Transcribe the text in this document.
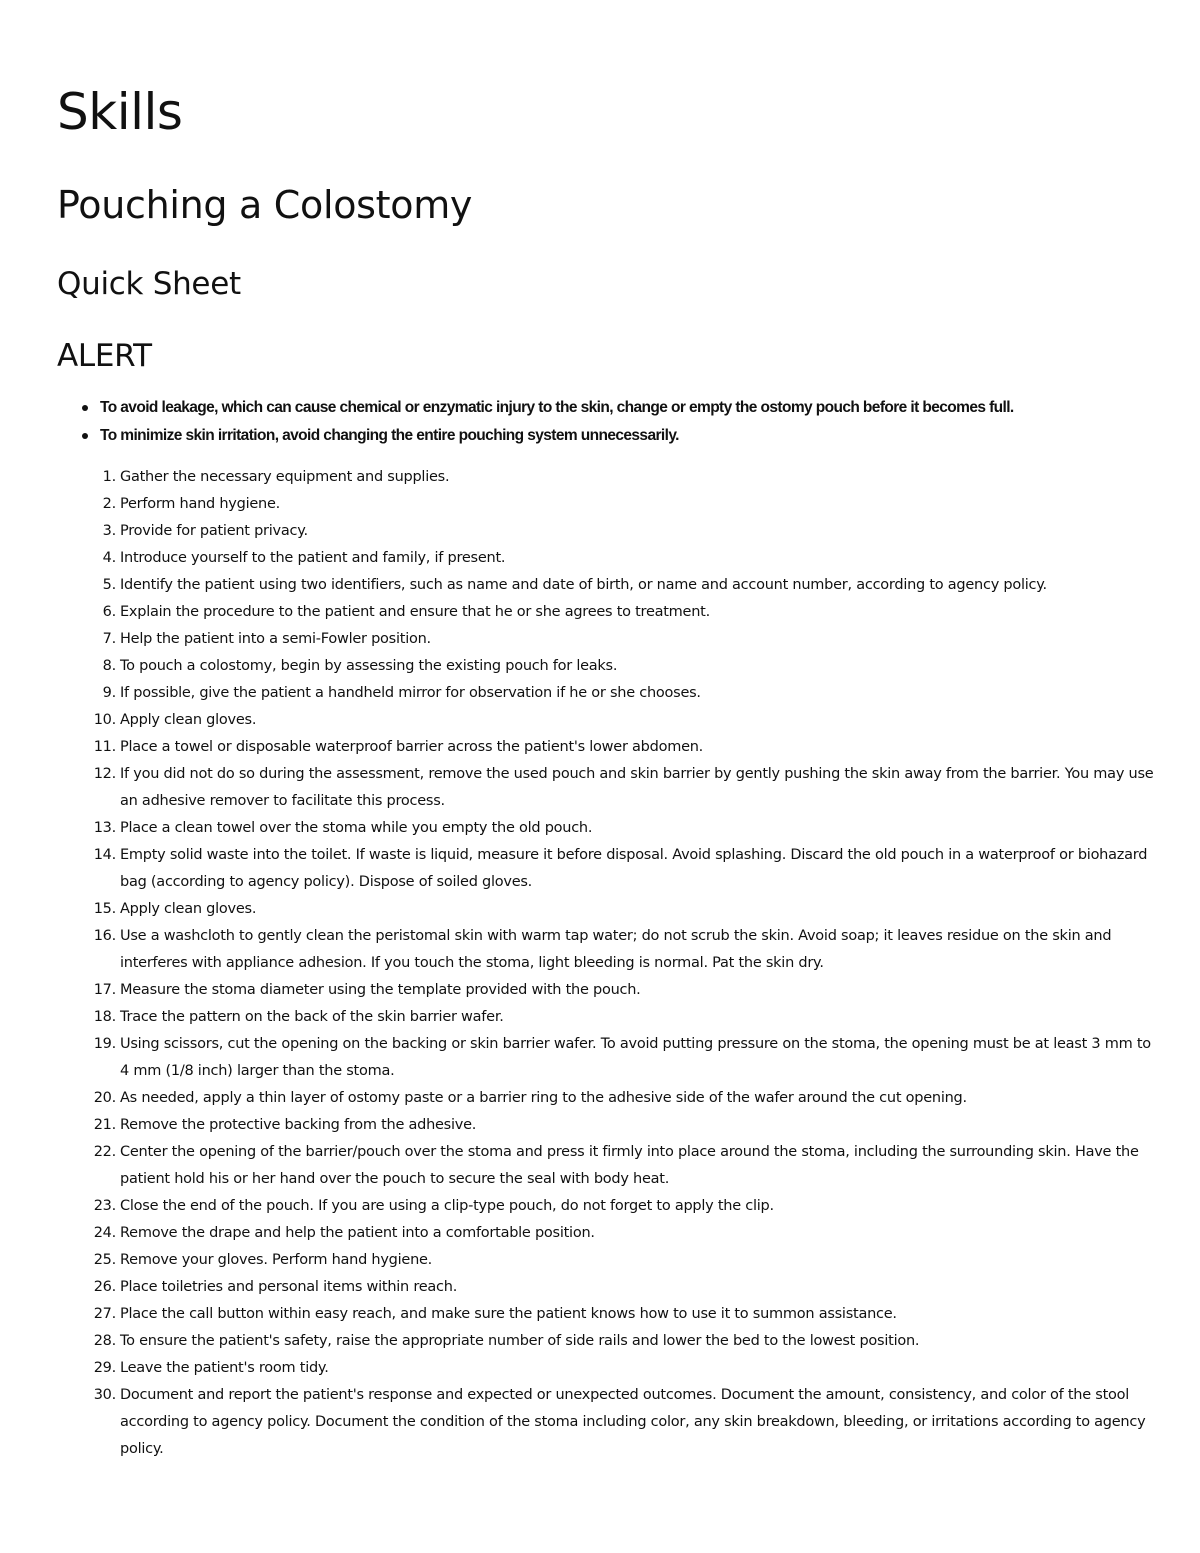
Skills
Pouching a Colostomy
Quick Sheet
ALERT
To avoid leakage, which can cause chemical or enzymatic injury to the skin, change or empty the ostomy pouch before it becomes full.
To minimize skin irritation, avoid changing the entire pouching system unnecessarily.
1. Gather the necessary equipment and supplies.
2. Perform hand hygiene.
3. Provide for patient privacy.
4. Introduce yourself to the patient and family, if present.
5. Identify the patient using two identifiers, such as name and date of birth, or name and account number, according to agency policy.
6. Explain the procedure to the patient and ensure that he or she agrees to treatment.
7. Help the patient into a semi-Fowler position.
8. To pouch a colostomy, begin by assessing the existing pouch for leaks.
9. If possible, give the patient a handheld mirror for observation if he or she chooses.
10. Apply clean gloves.
11. Place a towel or disposable waterproof barrier across the patient's lower abdomen.
12. If you did not do so during the assessment, remove the used pouch and skin barrier by gently pushing the skin away from the barrier. You may use an adhesive remover to facilitate this process.
13. Place a clean towel over the stoma while you empty the old pouch.
14. Empty solid waste into the toilet. If waste is liquid, measure it before disposal. Avoid splashing. Discard the old pouch in a waterproof or biohazard bag (according to agency policy). Dispose of soiled gloves.
15. Apply clean gloves.
16. Use a washcloth to gently clean the peristomal skin with warm tap water; do not scrub the skin. Avoid soap; it leaves residue on the skin and interferes with appliance adhesion. If you touch the stoma, light bleeding is normal. Pat the skin dry.
17. Measure the stoma diameter using the template provided with the pouch.
18. Trace the pattern on the back of the skin barrier wafer.
19. Using scissors, cut the opening on the backing or skin barrier wafer. To avoid putting pressure on the stoma, the opening must be at least 3 mm to 4 mm (1/8 inch) larger than the stoma.
20. As needed, apply a thin layer of ostomy paste or a barrier ring to the adhesive side of the wafer around the cut opening.
21. Remove the protective backing from the adhesive.
22. Center the opening of the barrier/pouch over the stoma and press it firmly into place around the stoma, including the surrounding skin. Have the patient hold his or her hand over the pouch to secure the seal with body heat.
23. Close the end of the pouch. If you are using a clip-type pouch, do not forget to apply the clip.
24. Remove the drape and help the patient into a comfortable position.
25. Remove your gloves. Perform hand hygiene.
26. Place toiletries and personal items within reach.
27. Place the call button within easy reach, and make sure the patient knows how to use it to summon assistance.
28. To ensure the patient's safety, raise the appropriate number of side rails and lower the bed to the lowest position.
29. Leave the patient's room tidy.
30. Document and report the patient's response and expected or unexpected outcomes. Document the amount, consistency, and color of the stool according to agency policy. Document the condition of the stoma including color, any skin breakdown, bleeding, or irritations according to agency policy.
